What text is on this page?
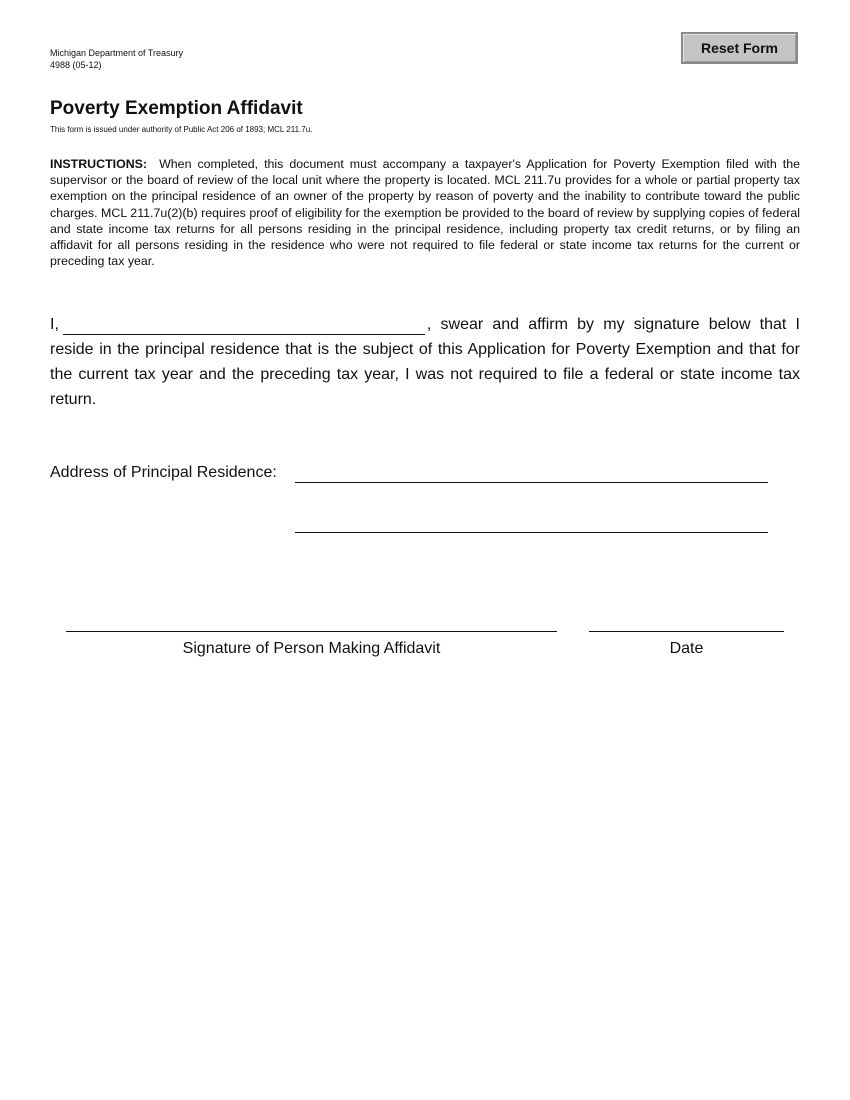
Michigan Department of Treasury
4988 (05-12)
Reset Form
Poverty Exemption Affidavit
This form is issued under authority of Public Act 206 of 1893; MCL 211.7u.

INSTRUCTIONS: When completed, this document must accompany a taxpayer's Application for Poverty Exemption filed with the supervisor or the board of review of the local unit where the property is located. MCL 211.7u provides for a whole or partial property tax exemption on the principal residence of an owner of the property by reason of poverty and the inability to contribute toward the public charges. MCL 211.7u(2)(b) requires proof of eligibility for the exemption be provided to the board of review by supplying copies of federal and state income tax returns for all persons residing in the principal residence, including property tax credit returns, or by filing an affidavit for all persons residing in the residence who were not required to file federal or state income tax returns for the current or preceding tax year.

I,	, swear and affirm by my signature below that I reside in the principal residence that is the subject of this Application for Poverty Exemption and that for the current tax year and the preceding tax year, I was not required to file a federal or state income tax return.

Address of Principal Residence:
Signature of Person Making Affidavit	Date
